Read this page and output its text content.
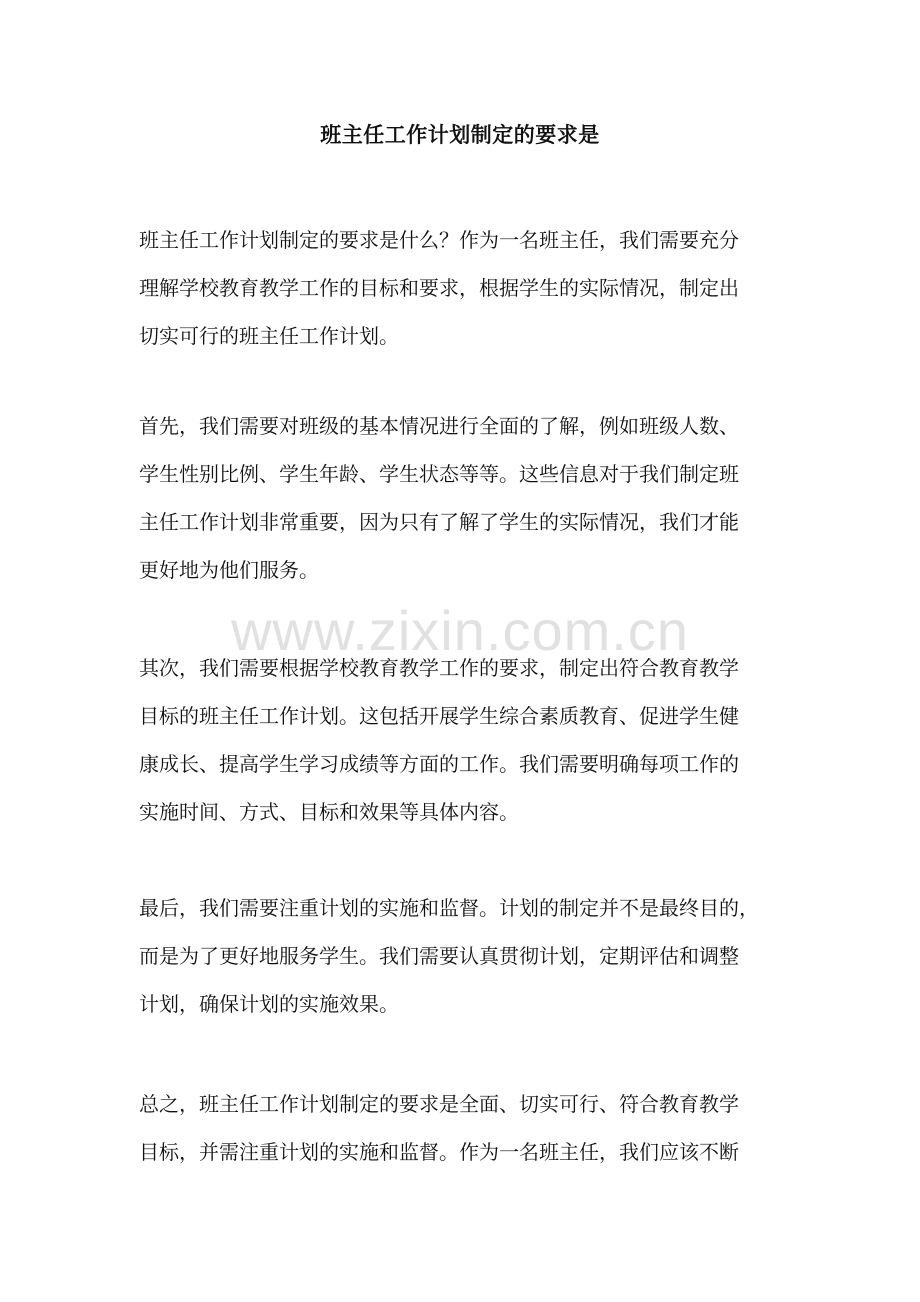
班主任工作计划制定的要求是
www.zixin.com.cn
班主任工作计划制定的要求是什么？作为一名班主任，我们需要充分
理解学校教育教学工作的目标和要求，根据学生的实际情况，制定出
切实可行的班主任工作计划。
首先，我们需要对班级的基本情况进行全面的了解，例如班级人数、
学生性别比例、学生年龄、学生状态等等。这些信息对于我们制定班
主任工作计划非常重要，因为只有了解了学生的实际情况，我们才能
更好地为他们服务。
其次，我们需要根据学校教育教学工作的要求，制定出符合教育教学
目标的班主任工作计划。这包括开展学生综合素质教育、促进学生健
康成长、提高学生学习成绩等方面的工作。我们需要明确每项工作的
实施时间、方式、目标和效果等具体内容。
最后，我们需要注重计划的实施和监督。计划的制定并不是最终目的，
而是为了更好地服务学生。我们需要认真贯彻计划，定期评估和调整
计划，确保计划的实施效果。
总之，班主任工作计划制定的要求是全面、切实可行、符合教育教学
目标，并需注重计划的实施和监督。作为一名班主任，我们应该不断
